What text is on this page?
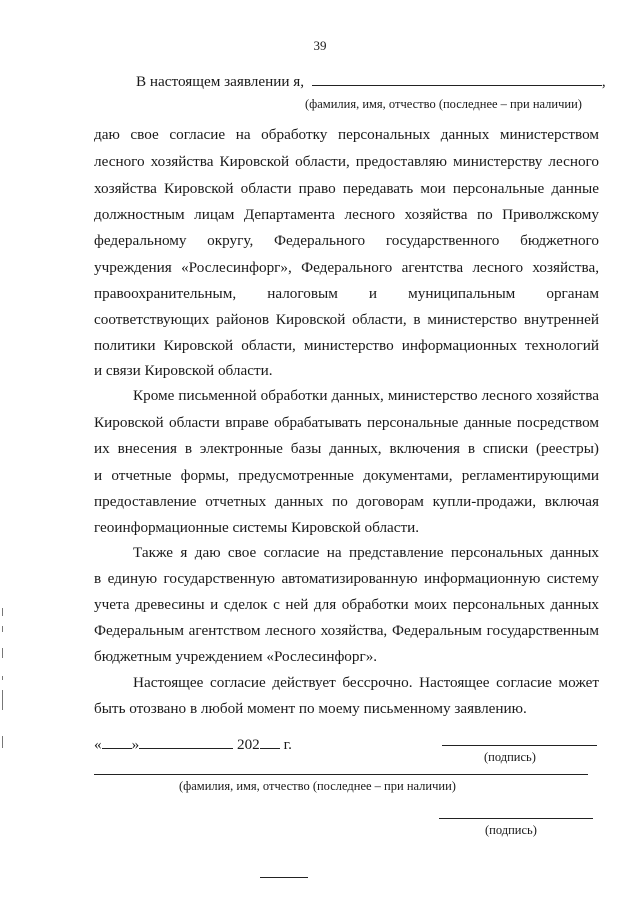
39
В настоящем заявлении я,	,
(фамилия, имя, отчество (последнее – при наличии)
даю свое согласие на обработку персональных данных министерством
лесного хозяйства Кировской области, предоставляю министерству лесного
хозяйства Кировской области право передавать мои персональные данные
должностным лицам Департамента лесного хозяйства по Приволжскому
федеральному округу, Федерального государственного бюджетного
учреждения «Рослесинфорг», Федерального агентства лесного хозяйства,
правоохранительным, налоговым и муниципальным органам
соответствующих районов Кировской области, в министерство внутренней
политики Кировской области, министерство информационных технологий
и связи Кировской области.
Кроме письменной обработки данных, министерство лесного хозяйства
Кировской области вправе обрабатывать персональные данные посредством
их внесения в электронные базы данных, включения в списки (реестры)
и отчетные формы, предусмотренные документами, регламентирующими
предоставление отчетных данных по договорам купли-продажи, включая
геоинформационные системы Кировской области.
Также я даю свое согласие на представление персональных данных
в единую государственную автоматизированную информационную систему
учета древесины и сделок с ней для обработки моих персональных данных
Федеральным агентством лесного хозяйства, Федеральным государственным
бюджетным учреждением «Рослесинфорг».
Настоящее согласие действует бессрочно. Настоящее согласие может
быть отозвано в любой момент по моему письменному заявлению.
« »	202 г.
(подпись)
(фамилия, имя, отчество (последнее – при наличии)
(подпись)
